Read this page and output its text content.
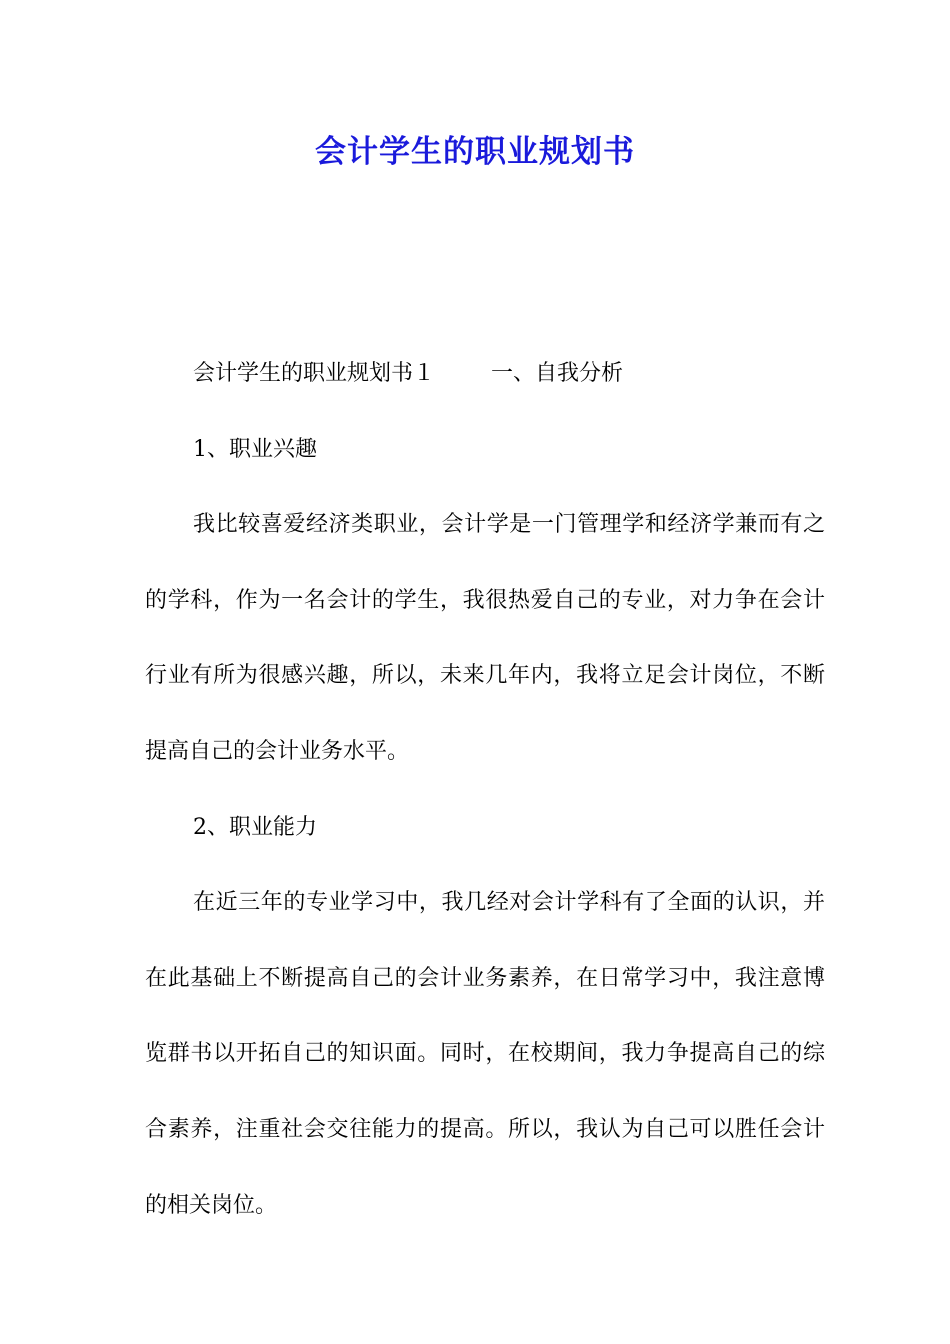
会计学生的职业规划书

会计学生的职业规划书１	一、自我分析

1、职业兴趣

我比较喜爱经济类职业，会计学是一门管理学和经济学兼而有之的学科，作为一名会计的学生，我很热爱自己的专业，对力争在会计行业有所为很感兴趣，所以，未来几年内，我将立足会计岗位，不断提高自己的会计业务水平。

2、职业能力

在近三年的专业学习中，我几经对会计学科有了全面的认识，并在此基础上不断提高自己的会计业务素养，在日常学习中，我注意博览群书以开拓自己的知识面。同时，在校期间，我力争提高自己的综合素养，注重社会交往能力的提高。所以，我认为自己可以胜任会计的相关岗位。
